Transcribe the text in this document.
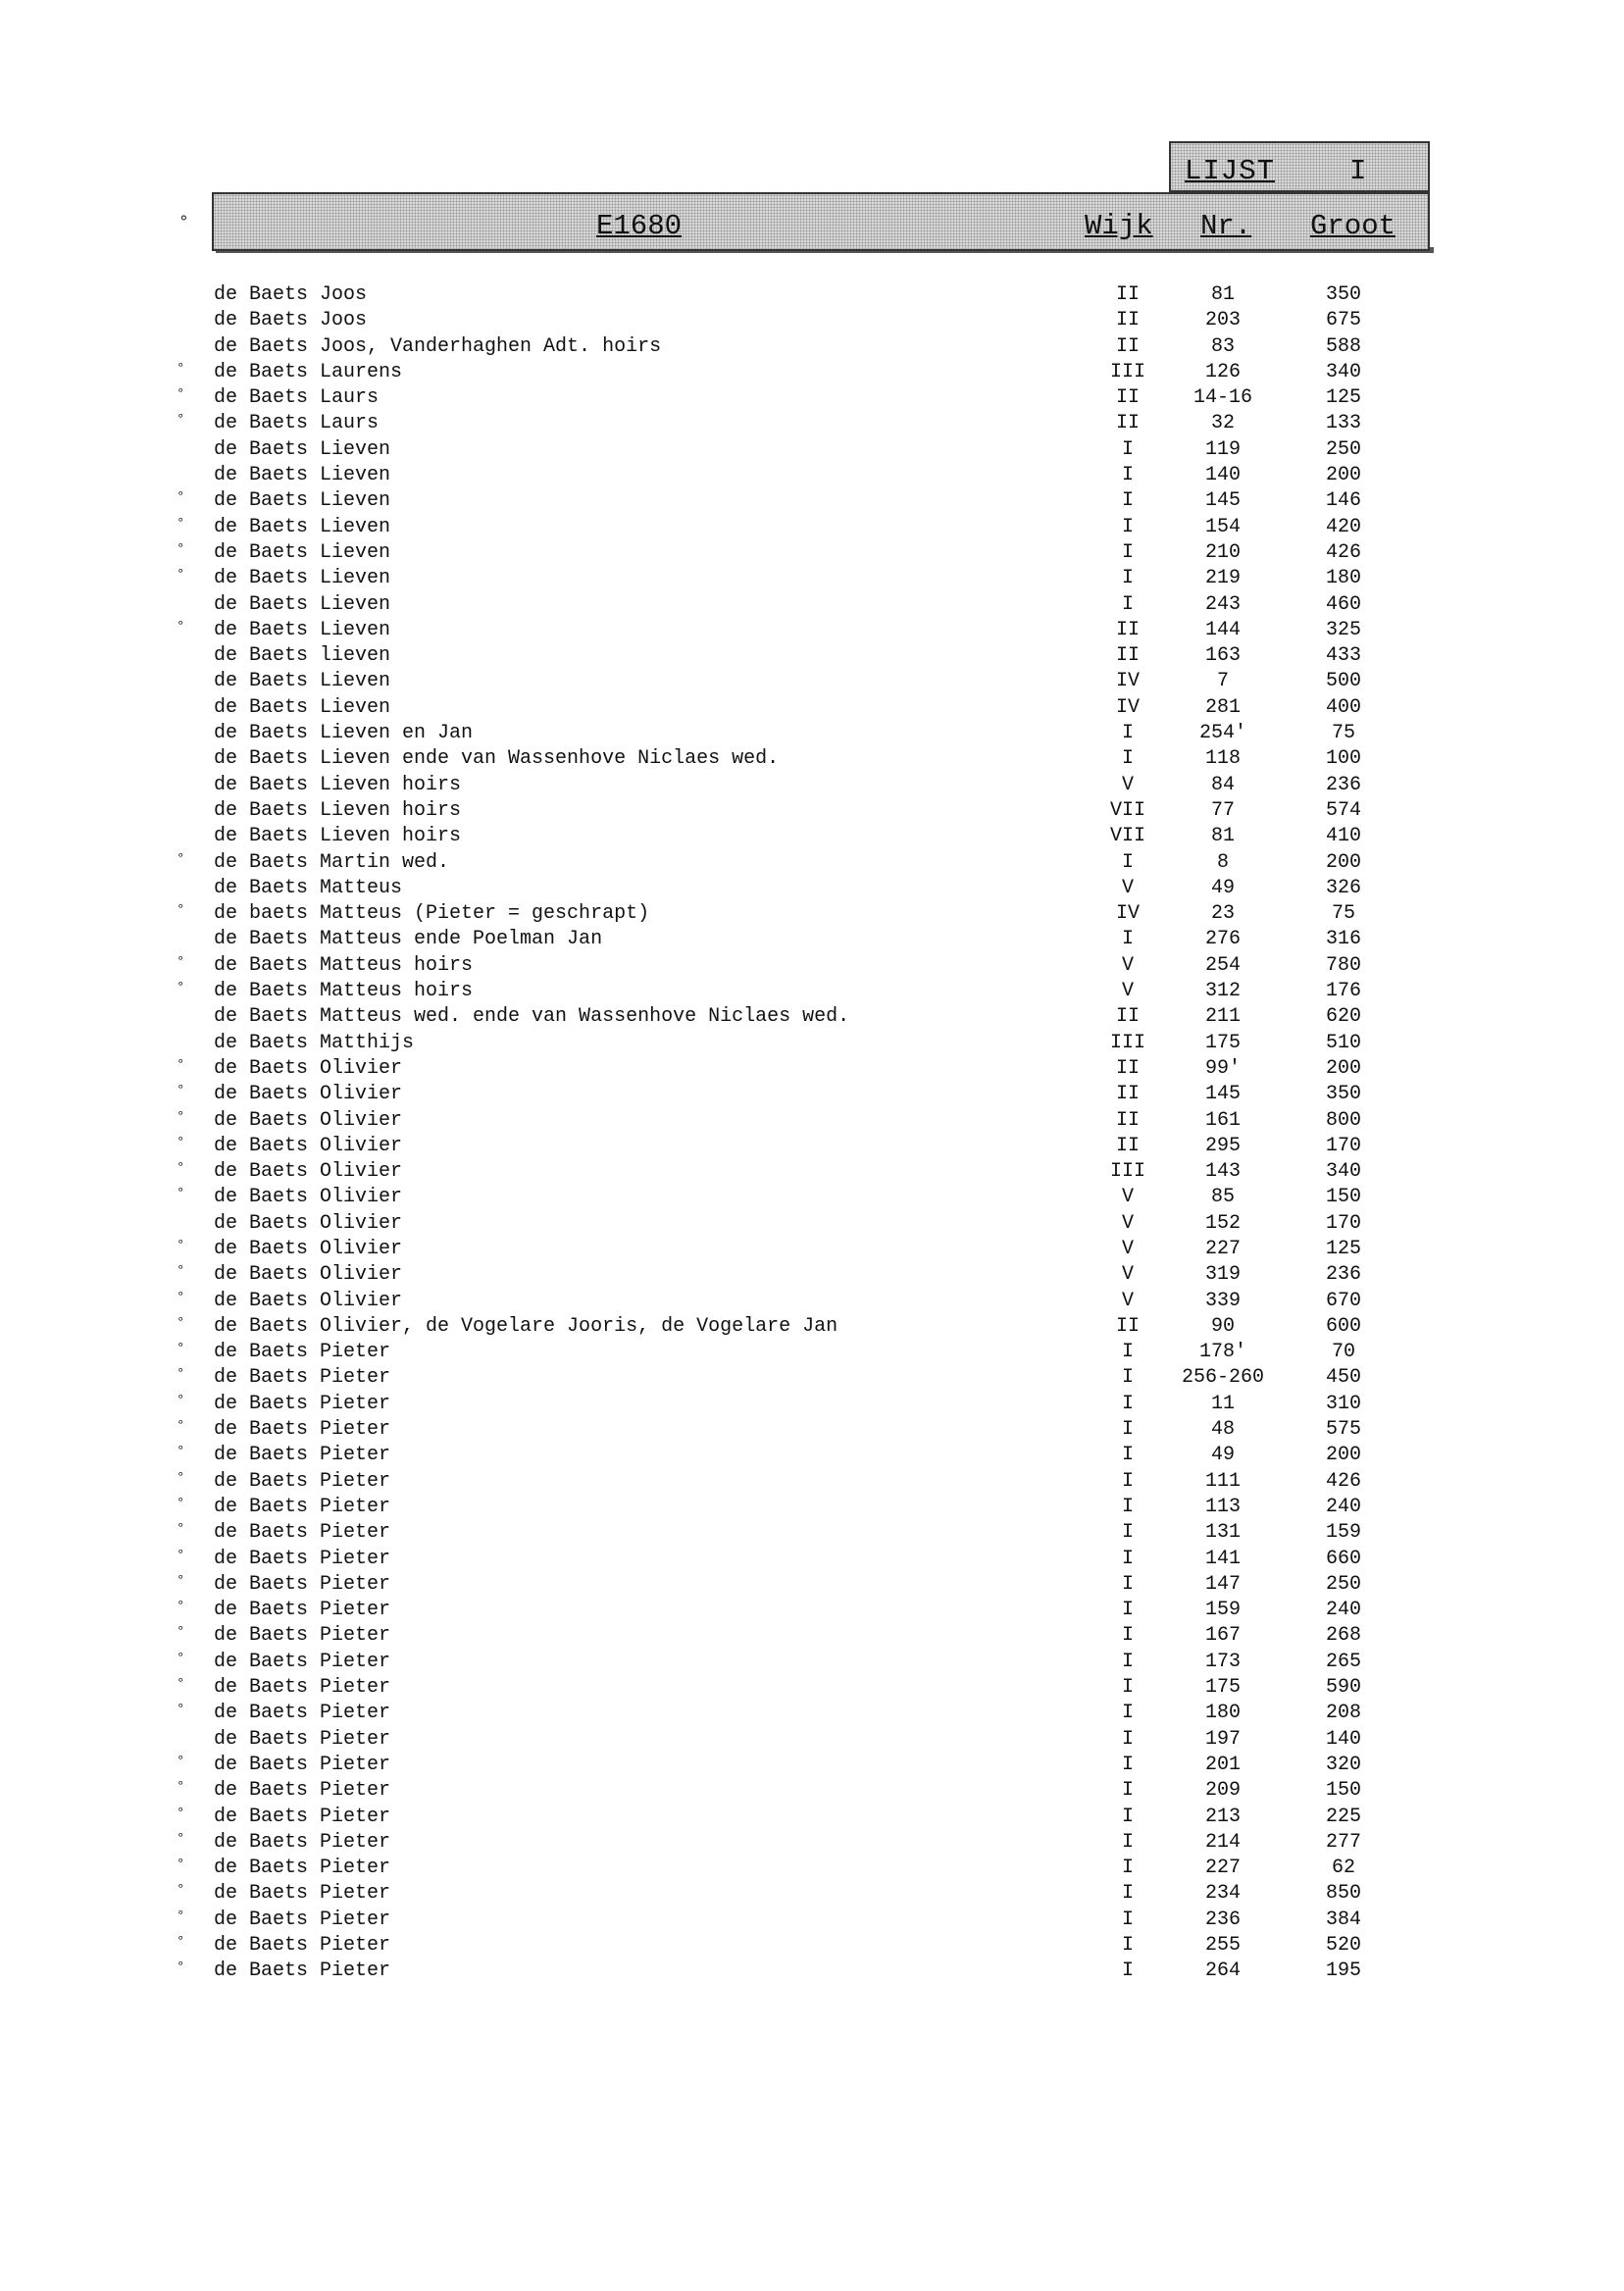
LIJST	I
°	E1680	Wijk Nr. Groot
de Baets Joos	II	81	350
de Baets Joos	II	203	675
de Baets Joos, Vanderhaghen Adt. hoirs	II	83	588
° de Baets Laurens	III	126	340
° de Baets Laurs	II	14-16	125
° de Baets Laurs	II	32	133
de Baets Lieven	I	119	250
de Baets Lieven	I	140	200
° de Baets Lieven	I	145	146
° de Baets Lieven	I	154	420
° de Baets Lieven	I	210	426
° de Baets Lieven	I	219	180
de Baets Lieven	I	243	460
° de Baets Lieven	II	144	325
de Baets lieven	II	163	433
de Baets Lieven	IV	7	500
de Baets Lieven	IV	281	400
de Baets Lieven en Jan	I	254'	75
de Baets Lieven ende van Wassenhove Niclaes wed.	I	118	100
de Baets Lieven hoirs	V	84	236
de Baets Lieven hoirs	VII	77	574
de Baets Lieven hoirs	VII	81	410
° de Baets Martin wed.	I	8	200
de Baets Matteus	V	49	326
° de baets Matteus (Pieter = geschrapt)	IV	23	75
de Baets Matteus ende Poelman Jan	I	276	316
° de Baets Matteus hoirs	V	254	780
° de Baets Matteus hoirs	V	312	176
de Baets Matteus wed. ende van Wassenhove Niclaes wed.	II	211	620
de Baets Matthijs	III	175	510
° de Baets Olivier	II	99'	200
° de Baets Olivier	II	145	350
° de Baets Olivier	II	161	800
° de Baets Olivier	II	295	170
° de Baets Olivier	III	143	340
° de Baets Olivier	V	85	150
de Baets Olivier	V	152	170
° de Baets Olivier	V	227	125
° de Baets Olivier	V	319	236
° de Baets Olivier	V	339	670
° de Baets Olivier, de Vogelare Jooris, de Vogelare Jan	II	90	600
° de Baets Pieter	I	178'	70
° de Baets Pieter	I	256-260	450
° de Baets Pieter	I	11	310
° de Baets Pieter	I	48	575
° de Baets Pieter	I	49	200
° de Baets Pieter	I	111	426
° de Baets Pieter	I	113	240
° de Baets Pieter	I	131	159
° de Baets Pieter	I	141	660
° de Baets Pieter	I	147	250
° de Baets Pieter	I	159	240
° de Baets Pieter	I	167	268
° de Baets Pieter	I	173	265
° de Baets Pieter	I	175	590
° de Baets Pieter	I	180	208
de Baets Pieter	I	197	140
° de Baets Pieter	I	201	320
° de Baets Pieter	I	209	150
° de Baets Pieter	I	213	225
° de Baets Pieter	I	214	277
° de Baets Pieter	I	227	62
° de Baets Pieter	I	234	850
° de Baets Pieter	I	236	384
° de Baets Pieter	I	255	520
° de Baets Pieter	I	264	195
